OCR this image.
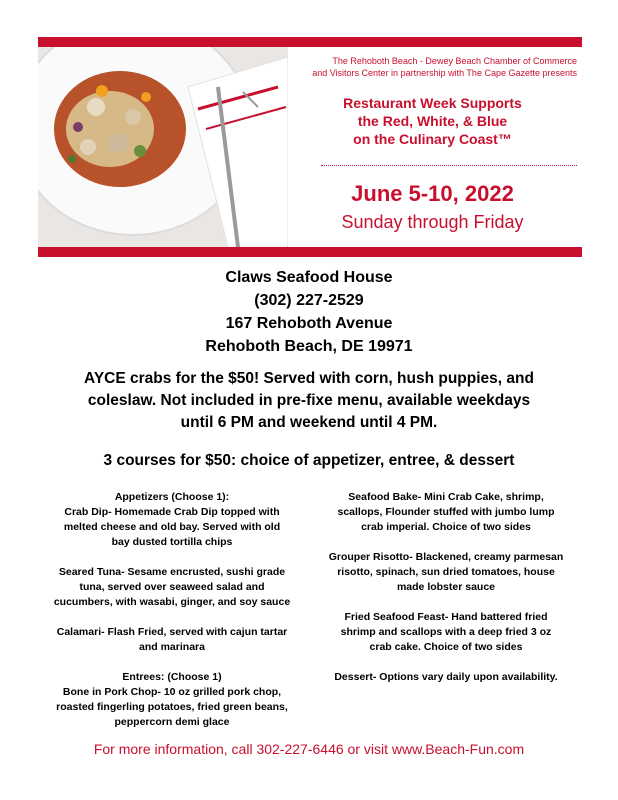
The Rehoboth Beach - Dewey Beach Chamber of Commerce
and Visitors Center in partnership with The Cape Gazette presents
Restaurant Week Supports
the Red, White, & Blue
on the Culinary Coast™
June 5-10, 2022
Sunday through Friday
Claws Seafood House
(302) 227-2529
167 Rehoboth Avenue
Rehoboth Beach, DE 19971
AYCE crabs for the $50! Served with corn, hush puppies, and
coleslaw. Not included in pre-fixe menu, available weekdays
until 6 PM and weekend until 4 PM.
3 courses for $50: choice of appetizer, entree, & dessert

Appetizers (Choose 1):

Crab Dip- Homemade Crab Dip topped with

melted cheese and old bay. Served with old

bay dusted tortilla chips

Seared Tuna- Sesame encrusted, sushi grade

tuna, served over seaweed salad and

cucumbers, with wasabi, ginger, and soy sauce

Calamari- Flash Fried, served with cajun tartar

and marinara

Entrees: (Choose 1)

Bone in Pork Chop- 10 oz grilled pork chop,

roasted fingerling potatoes, fried green beans,

peppercorn demi glace

Seafood Bake- Mini Crab Cake, shrimp,

scallops, Flounder stuffed with jumbo lump

crab imperial. Choice of two sides

Grouper Risotto- Blackened, creamy parmesan

risotto, spinach, sun dried tomatoes, house

made lobster sauce

Fried Seafood Feast- Hand battered fried

shrimp and scallops with a deep fried 3 oz

crab cake. Choice of two sides

Dessert- Options vary daily upon availability.

For more information, call 302-227-6446 or visit www.Beach-Fun.com
